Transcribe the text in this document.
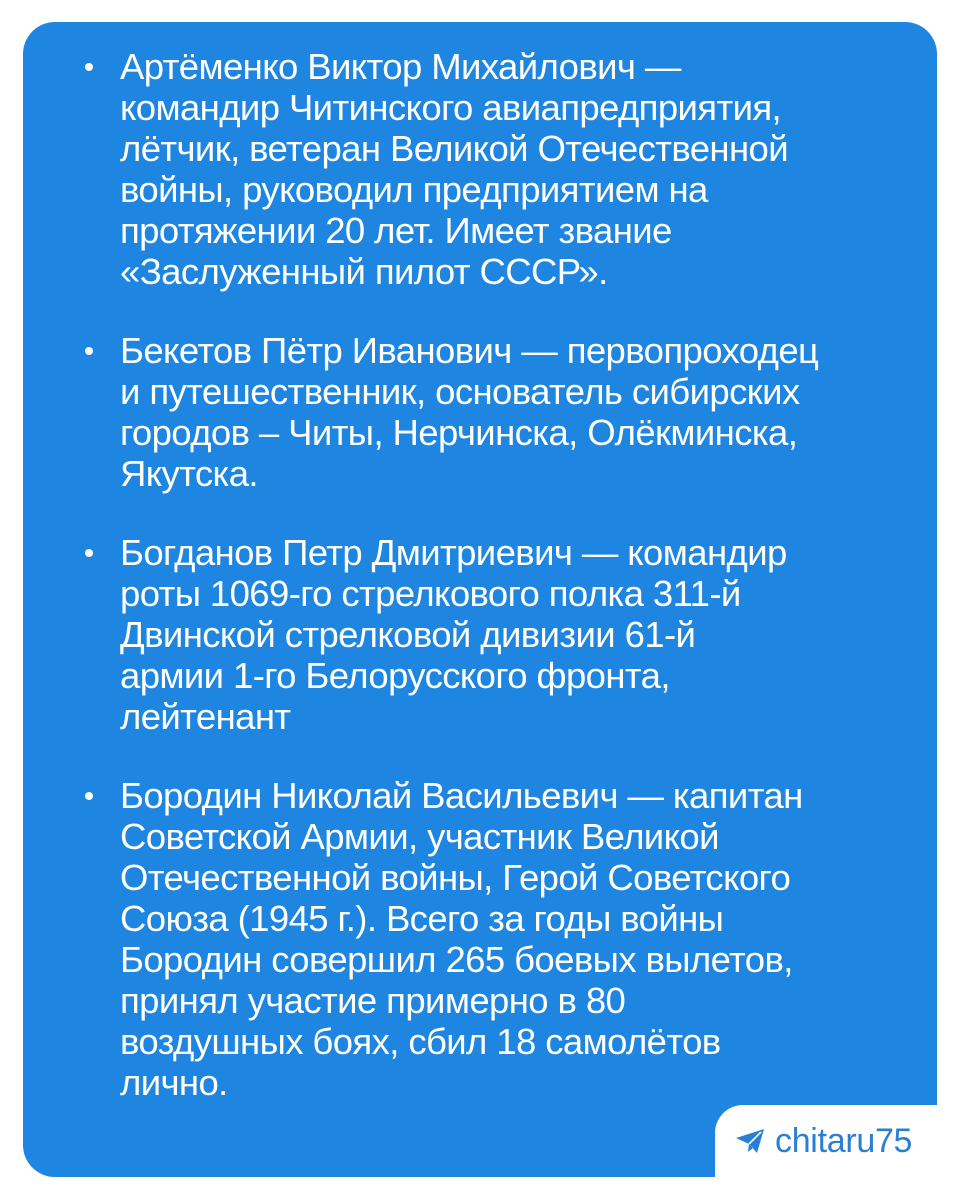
Артёменко Виктор Михайлович —
командир Читинского авиапредприятия,
лётчик, ветеран Великой Отечественной
войны, руководил предприятием на
протяжении 20 лет. Имеет звание
«Заслуженный пилот СССР».
Бекетов Пётр Иванович — первопроходец
и путешественник, основатель сибирских
городов – Читы, Нерчинска, Олёкминска,
Якутска.
Богданов Петр Дмитриевич — командир
роты 1069-го стрелкового полка 311-й
Двинской стрелковой дивизии 61-й
армии 1-го Белорусского фронта,
лейтенант
Бородин Николай Васильевич — капитан
Советской Армии, участник Великой
Отечественной войны, Герой Советского
Союза (1945 г.). Всего за годы войны
Бородин совершил 265 боевых вылетов,
принял участие примерно в 80
воздушных боях, сбил 18 самолётов
лично.
chitaru75
